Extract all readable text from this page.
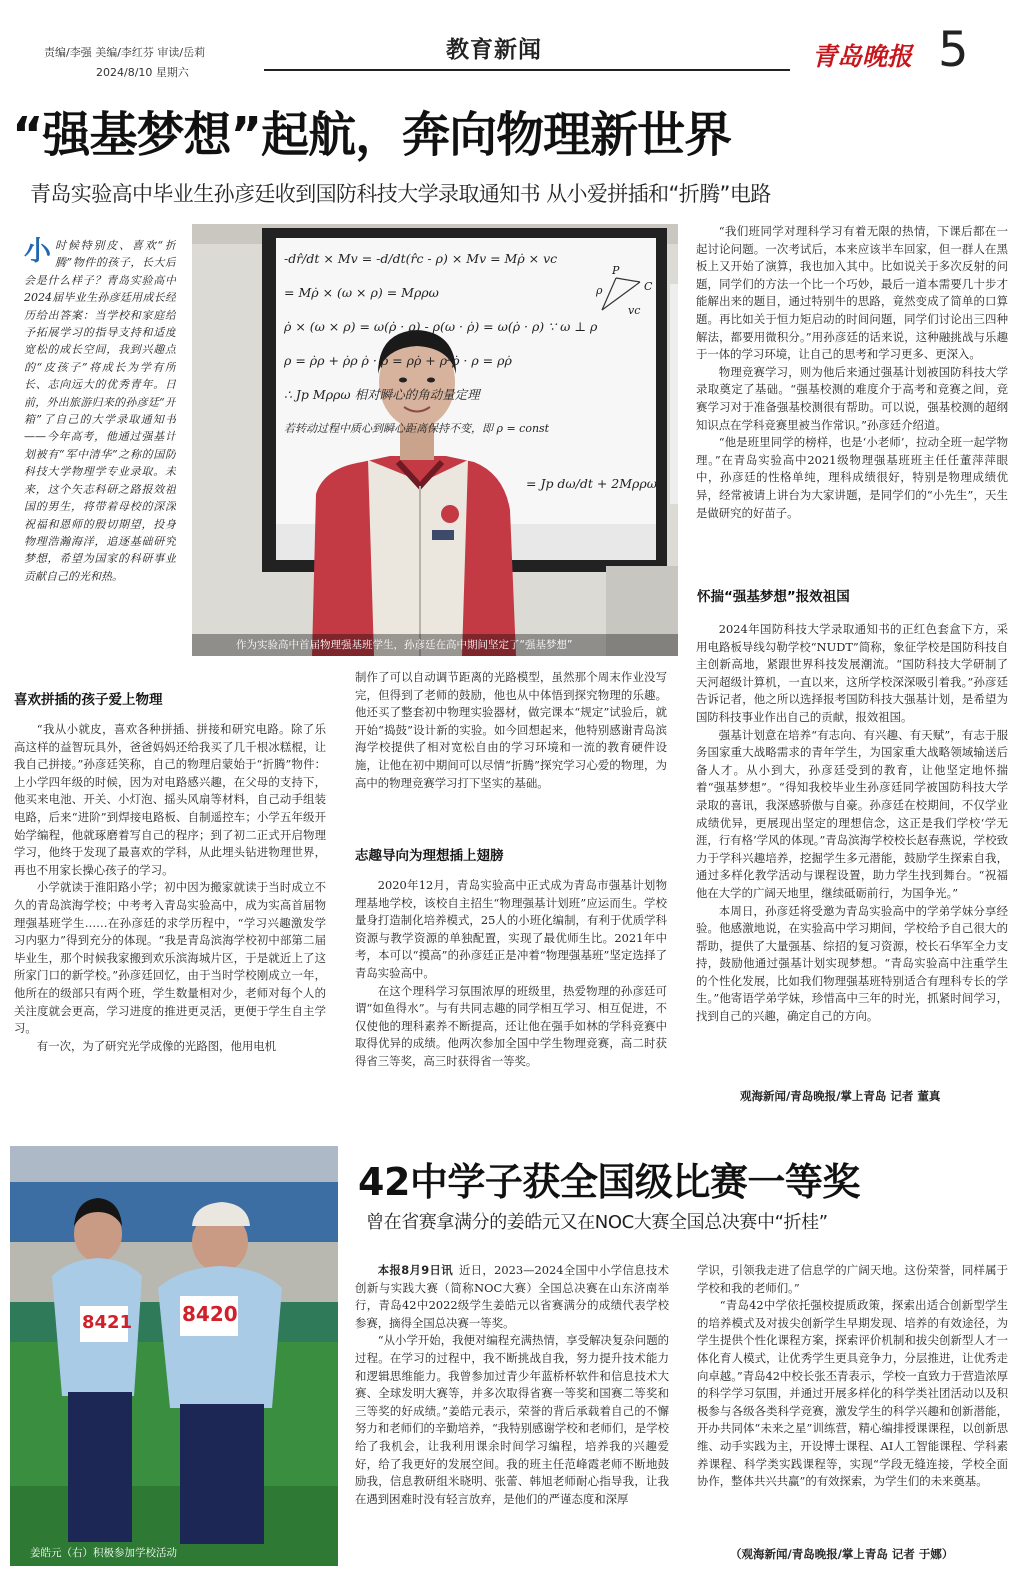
责编/李强 美编/李红芬 审读/岳莉
2024/8/10 星期六
教育新闻	青岛晚报 5
“强基梦想”起航，奔向物理新世界
青岛实验高中毕业生孙彦廷收到国防科技大学录取通知书 从小爱拼插和“折腾”电路
小 时候特别皮、喜欢“折腾”物件的孩子，长大后会是什么样子？青岛实验高中2024届毕业生孙彦廷用成长经历给出答案：当学校和家庭给予拓展学习的指导支持和适度宽松的成长空间，我到兴趣点的“皮孩子”将成长为学有所长、志向远大的优秀青年。日前，外出旅游归来的孙彦廷“开箱”了自己的大学录取通知书——今年高考，他通过强基计划被有“军中清华”之称的国防科技大学物理学专业录取。未来，这个矢志科研之路报效祖国的男生，将带着母校的深深祝福和恩师的殷切期望，投身物理浩瀚海洋，追逐基础研究梦想，希望为国家的科研事业贡献自己的光和热。
-dr̂/dt × Mv = -d/dt(r̂c - ρ) × Mv = Mρ̇ × vc
= Mρ̇ × (ω × ρ) = Mρρω
ρ̇ × (ω × ρ) = ω(ρ̇ · ρ) - ρ(ω · ρ̇) = ω(ρ̇ · ρ) ∵ ω ⊥ ρ
ρ = ρ̇ρ + ρ̇ρ ρ̇ · ρ = ρρ̇ + ρ²ρ̇ · ρ = ρρ̇
∴ Jp Mρρω 相对瞬心的角动量定理
若转动过程中质心到瞬心距离保持不变，即 ρ = const
= Jp dω/dt + 2Mρρω
P
ρ
vc
C
作为实验高中首届物理强基班学生，孙彦廷在高中期间坚定了“强基梦想”

“我们班同学对理科学习有着无限的热情，下课后都在一起讨论问题。一次考试后，本来应该半车回家，但一群人在黑板上又开始了演算，我也加入其中。比如说关于多次反射的问题，同学们的方法一个比一个巧妙，最后一道本需要几十步才能解出来的题目，通过特别牛的思路，竟然变成了简单的口算题。再比如关于恒力矩启动的时间问题，同学们讨论出三四种解法，都要用微积分。”用孙彦廷的话来说，这种融挑战与乐趣于一体的学习环境，让自己的思考和学习更多、更深入。

物理竞赛学习，则为他后来通过强基计划被国防科技大学录取奠定了基础。“强基校测的难度介于高考和竞赛之间，竞赛学习对于准备强基校测很有帮助。可以说，强基校测的超纲知识点在学科竞赛里被当作常识。”孙彦廷介绍道。

“他是班里同学的榜样，也是‘小老师’，拉动全班一起学物理。”在青岛实验高中2021级物理强基班班主任任董萍萍眼中，孙彦廷的性格单纯，理科成绩很好，特别是物理成绩优异，经常被请上讲台为大家讲题，是同学们的“小先生”，天生是做研究的好苗子。

怀揣“强基梦想”报效祖国

2024年国防科技大学录取通知书的正红色套盒下方，采用电路板导线勾勒学校“NUDT”简称，象征学校是国防科技自主创新高地，紧跟世界科技发展潮流。“国防科技大学研制了天河超级计算机，一直以来，这所学校深深吸引着我。”孙彦廷告诉记者，他之所以选择报考国防科技大强基计划，是希望为国防科技事业作出自己的贡献，报效祖国。

强基计划意在培养“有志向、有兴趣、有天赋”，有志于服务国家重大战略需求的青年学生，为国家重大战略领域输送后备人才。从小到大，孙彦廷受到的教育，让他坚定地怀揣着“强基梦想”。“得知我校毕业生孙彦廷同学被国防科技大学录取的喜讯，我深感骄傲与自豪。孙彦廷在校期间，不仅学业成绩优异，更展现出坚定的理想信念，这正是我们学校‘学无涯，行有格’学风的体现。”青岛滨海学校校长赵春燕说，学校致力于学科兴趣培养，挖掘学生多元潜能，鼓励学生探索自我，通过多样化教学活动与课程设置，助力学生找到舞台。“祝福他在大学的广阔天地里，继续砥砺前行，为国争光。”

本周日，孙彦廷将受邀为青岛实验高中的学弟学妹分享经验。他感激地说，在实验高中学习期间，学校给予自己很大的帮助，提供了大量强基、综招的复习资源，校长石华军全力支持，鼓励他通过强基计划实现梦想。“青岛实验高中注重学生的个性化发展，比如我们物理强基班特别适合有理科专长的学生。”他寄语学弟学妹，珍惜高中三年的时光，抓紧时间学习，找到自己的兴趣，确定自己的方向。

观海新闻/青岛晚报/掌上青岛 记者 董真
喜欢拼插的孩子爱上物理

“我从小就皮，喜欢各种拼插、拼接和研究电路。除了乐高这样的益智玩具外，爸爸妈妈还给我买了几千根冰糕棍，让我自己拼接。”孙彦廷笑称，自己的物理启蒙始于“折腾”物件：上小学四年级的时候，因为对电路感兴趣，在父母的支持下，他买来电池、开关、小灯泡、摇头风扇等材料，自己动手组装电路，后来“进阶”到焊接电路板、自制遥控车；小学五年级开始学编程，他就琢磨着写自己的程序；到了初二正式开启物理学习，他终于发现了最喜欢的学科，从此埋头钻进物理世界，再也不用家长操心孩子的学习。

小学就读于淮阳路小学；初中因为搬家就读于当时成立不久的青岛滨海学校；中考考入青岛实验高中，成为实高首届物理强基班学生……在孙彦廷的求学历程中，“学习兴趣激发学习内驱力”得到充分的体现。“我是青岛滨海学校初中部第二届毕业生，那个时候我家搬到欢乐滨海城片区，于是就近上了这所家门口的新学校。”孙彦廷回忆，由于当时学校刚成立一年，他所在的级部只有两个班，学生数量相对少，老师对每个人的关注度就会更高，学习进度的推进更灵活，更便于学生自主学习。

有一次，为了研究光学成像的光路图，他用电机

制作了可以自动调节距离的光路模型，虽然那个周末作业没写完，但得到了老师的鼓励，他也从中体悟到探究物理的乐趣。他还买了整套初中物理实验器材，做完课本“规定”试验后，就开始“捣鼓”设计新的实验。如今回想起来，他特别感谢青岛滨海学校提供了相对宽松自由的学习环境和一流的教育硬件设施，让他在初中期间可以尽情“折腾”探究学习心爱的物理，为高中的物理竞赛学习打下坚实的基础。

志趣导向为理想插上翅膀

2020年12月，青岛实验高中正式成为青岛市强基计划物理基地学校，该校自主招生“物理强基计划班”应运而生。学校量身打造制化培养模式，25人的小班化编制，有利于优质学科资源与教学资源的单独配置，实现了最优师生比。2021年中考，本可以“摸高”的孙彦廷正是冲着“物理强基班”坚定选择了青岛实验高中。

在这个理科学习氛围浓厚的班级里，热爱物理的孙彦廷可谓“如鱼得水”。与有共同志趣的同学相互学习、相互促进，不仅使他的理科素养不断提高，还让他在强手如林的学科竞赛中取得优异的成绩。他两次参加全国中学生物理竞赛，高二时获得省三等奖，高三时获得省一等奖。

8421 8420
姜皓元（右）积极参加学校活动
42中学子获全国级比赛一等奖
曾在省赛拿满分的姜皓元又在NOC大赛全国总决赛中“折桂”

本报8月9日讯 近日，2023—2024全国中小学信息技术创新与实践大赛（简称NOC大赛）全国总决赛在山东济南举行，青岛42中2022级学生姜皓元以省赛满分的成绩代表学校参赛，摘得全国总决赛一等奖。

“从小学开始，我便对编程充满热情，享受解决复杂问题的过程。在学习的过程中，我不断挑战自我，努力提升技术能力和逻辑思维能力。我曾参加过青少年蓝桥杯软件和信息技术大赛、全球发明大赛等，并多次取得省赛一等奖和国赛二等奖和三等奖的好成绩。”姜皓元表示，荣誉的背后承载着自己的不懈努力和老师们的辛勤培养，“我特别感谢学校和老师们，是学校给了我机会，让我利用课余时间学习编程，培养我的兴趣爱好，给了我更好的发展空间。我的班主任范峰霞老师不断地鼓励我，信息教研组米晓明、张蕾、韩旭老师耐心指导我，让我在遇到困难时没有轻言放弃，是他们的严谨态度和深厚

学识，引领我走进了信息学的广阔天地。这份荣誉，同样属于学校和我的老师们。”

“青岛42中学依托强校提质政策，探索出适合创新型学生的培养模式及对拔尖创新学生早期发现、培养的有效途径，为学生提供个性化课程方案，探索评价机制和拔尖创新型人才一体化育人模式，让优秀学生更具竞争力，分层推进，让优秀走向卓越。”青岛42中校长张丕青表示，学校一直致力于营造浓厚的科学学习氛围，并通过开展多样化的科学类社团活动以及积极参与各级各类科学竞赛，激发学生的科学兴趣和创新潜能，开办共同体“未来之星”训练营，精心编排授课课程，以创新思维、动手实践为主，开设博士课程、AI人工智能课程、学科素养课程、科学类实践课程等，实现“学段无缝连接，学校全面协作，整体共兴共赢”的有效探索，为学生们的未来奠基。

（观海新闻/青岛晚报/掌上青岛 记者 于娜）
